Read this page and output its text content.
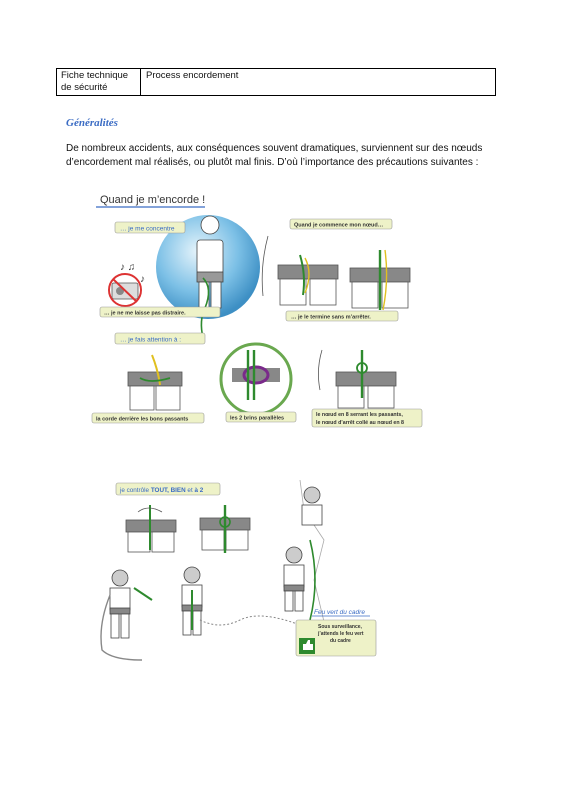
Fiche technique de sécurité
Process encordement
Généralités
De nombreux accidents, aux conséquences souvent dramatiques, surviennent sur des nœuds d’encordement mal réalisés, ou plutôt mal finis. D’où l’importance des précautions suivantes :
Quand je m’encorde !
♪ ♫
♪
… je me concentre
… je ne me laisse pas distraire.
Quand je commence mon nœud…
… je le termine sans m’arrêter.
… je fais attention à :
la corde derrière les bons passants	les 2 brins parallèles
le nœud en 8 serrant les passants,
le nœud d’arrêt collé au nœud en 8
je contrôle TOUT, BIEN et à 2
Feu vert du cadre
Sous surveillance,
j’attends le feu vert
du cadre
